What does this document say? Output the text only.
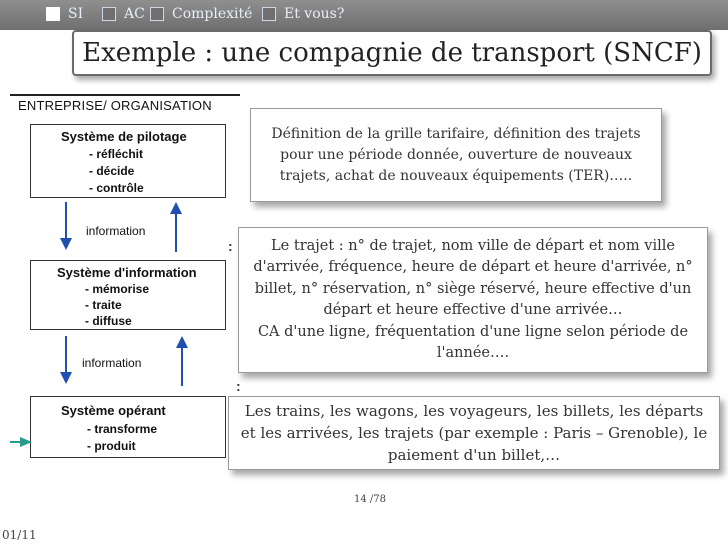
SI	AC Complexité Et vous?
Exemple : une compagnie de transport (SNCF)
ENTREPRISE/ ORGANISATION
Système de pilotage
- réfléchit
- décide
- contrôle
information
Système d'information
- mémorise
- traite
- diffuse
information
Système opérant
- transforme
- produit
:
:
Définition de la grille tarifaire, définition des trajets pour une période donnée, ouverture de nouveaux trajets, achat de nouveaux équipements (TER)…..
Le trajet : n° de trajet, nom ville de départ et nom ville d'arrivée, fréquence, heure de départ et heure d'arrivée, n° billet, n° réservation, n° siège réservé, heure effective d'un départ et heure effective d'une arrivée…
CA d'une ligne, fréquentation d'une ligne selon période de l'année….
Les trains, les wagons, les voyageurs, les billets, les départs et les arrivées, les trajets (par exemple : Paris – Grenoble), le paiement d'un billet,…
14 /78
01/11
